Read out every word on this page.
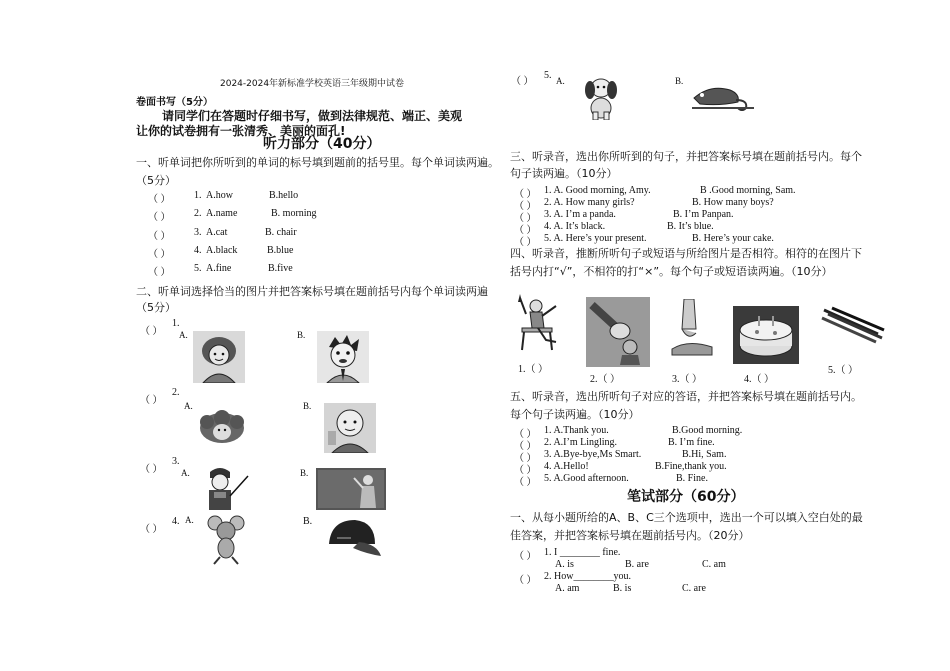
2024-2024年新标准学校英语三年级期中试卷
卷面书写（5分）
请同学们在答题时仔细书写，做到法律规范、端正、美观
让你的试卷拥有一张清秀、美丽的面孔!
听力部分（40分）
一、听单词把你所听到的单词的标号填到题前的括号里。每个单词读两遍。
（5分）
（ ） 1. A.how	B.hello
（ ） 2. A.name	B. morning
（ ） 3. A.cat	B. chair
（ ） 4. A.black	B.blue
（ ） 5. A.fine	B.five
二、听单词选择恰当的图片并把答案标号填在题前括号内每个单词读两遍
（5分）
（ ）
1.
A.	B.
（ ）
2.
A.	B.
（ ）
3.
A.	B.
（ ）
4. A.	B.
（ ）
5. A.	B.
三、听录音，选出你所听到的句子，并把答案标号填在题前括号内。每个
句子读两遍。（10分）
（ ） 1. A. Good morning, Amy.	B .Good morning, Sam.
（ ） 2. A. How many girls?	B. How many boys?
（ ） 3. A. I’m a panda.	B. I’m Panpan.
（ ） 4. A. It’s black.	B. It’s blue.
（ ） 5. A. Here’s your present.	B. Here’s your cake.
四、听录音，推断所听句子或短语与所给图片是否相符。相符的在图片下
括号内打“√”，不相符的打“×”。每个句子或短语读两遍。（10分）
1.（ ）
2.（ ）	3.（ ）	4.（ ）
5.（ ）
五、听录音，选出所听句子对应的答语，并把答案标号填在题前括号内。
每个句子读两遍。（10分）
（ ） 1. A.Thank you.	B.Good morning.
（ ） 2. A.I’m Lingling.	B. I’m fine.
（ ） 3. A.Bye-bye,Ms Smart.	B.Hi, Sam.
（ ） 4. A.Hello!	B.Fine,thank you.
（ ） 5. A.Good afternoon.	B. Fine.
笔试部分（60分）
一、从每小题所给的A、B、C三个选项中，选出一个可以填入空白处的最
佳答案，并把答案标号填在题前括号内。（20分）
（ ） 1. I ________ fine.
A. is	B. are	C. am
（ ） 2. How________you.
A. am	B. is	C. are
